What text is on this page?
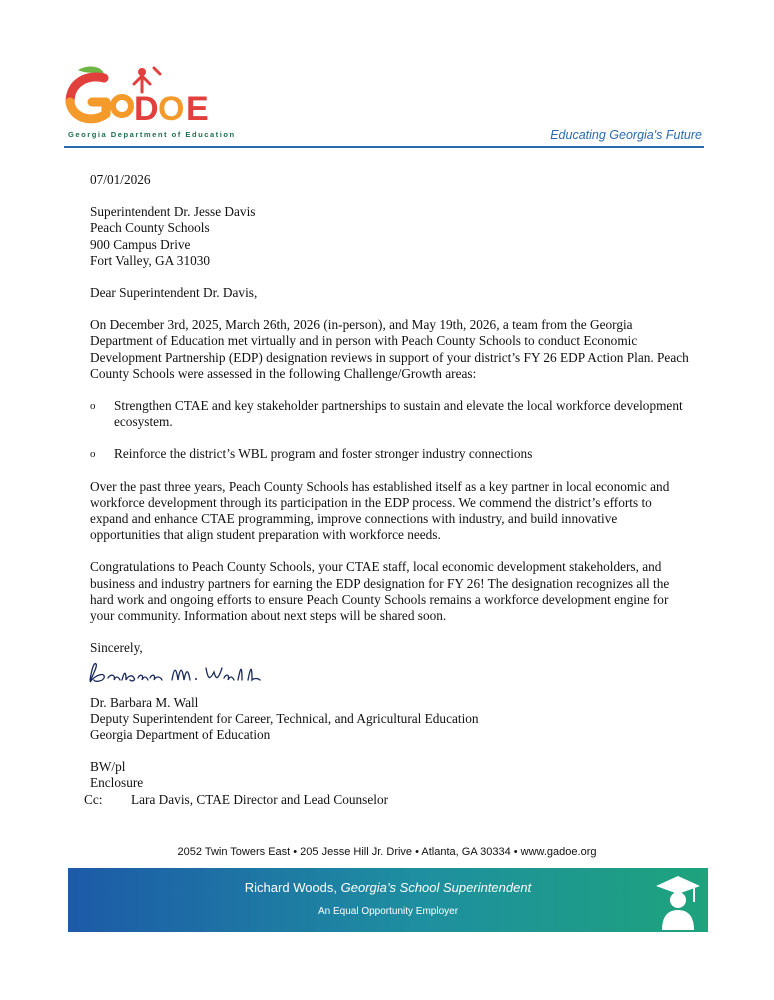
D O E
Georgia Department of Education	Educating Georgia's Future

07/01/2026

Superintendent Dr. Jesse Davis

Peach County Schools

900 Campus Drive

Fort Valley, GA 31030

Dear Superintendent Dr. Davis,

On December 3rd, 2025, March 26th, 2026 (in-person), and May 19th, 2026, a team from the Georgia Department of Education met virtually and in person with Peach County Schools to conduct Economic Development Partnership (EDP) designation reviews in support of your district’s FY 26 EDP Action Plan. Peach County Schools were assessed in the following Challenge/Growth areas:

o Strengthen CTAE and key stakeholder partnerships to sustain and elevate the local workforce development ecosystem.
o Reinforce the district’s WBL program and foster stronger industry connections

Over the past three years, Peach County Schools has established itself as a key partner in local economic and workforce development through its participation in the EDP process. We commend the district’s efforts to expand and enhance CTAE programming, improve connections with industry, and build innovative opportunities that align student preparation with workforce needs.

Congratulations to Peach County Schools, your CTAE staff, local economic development stakeholders, and business and industry partners for earning the EDP designation for FY 26! The designation recognizes all the hard work and ongoing efforts to ensure Peach County Schools remains a workforce development engine for your community. Information about next steps will be shared soon.

Sincerely,

Dr. Barbara M. Wall

Deputy Superintendent for Career, Technical, and Agricultural Education

Georgia Department of Education

BW/pl

Enclosure

Cc:	Lara Davis, CTAE Director and Lead Counselor
2052 Twin Towers East • 205 Jesse Hill Jr. Drive • Atlanta, GA 30334 • www.gadoe.org
Richard Woods, Georgia’s School Superintendent
An Equal Opportunity Employer
